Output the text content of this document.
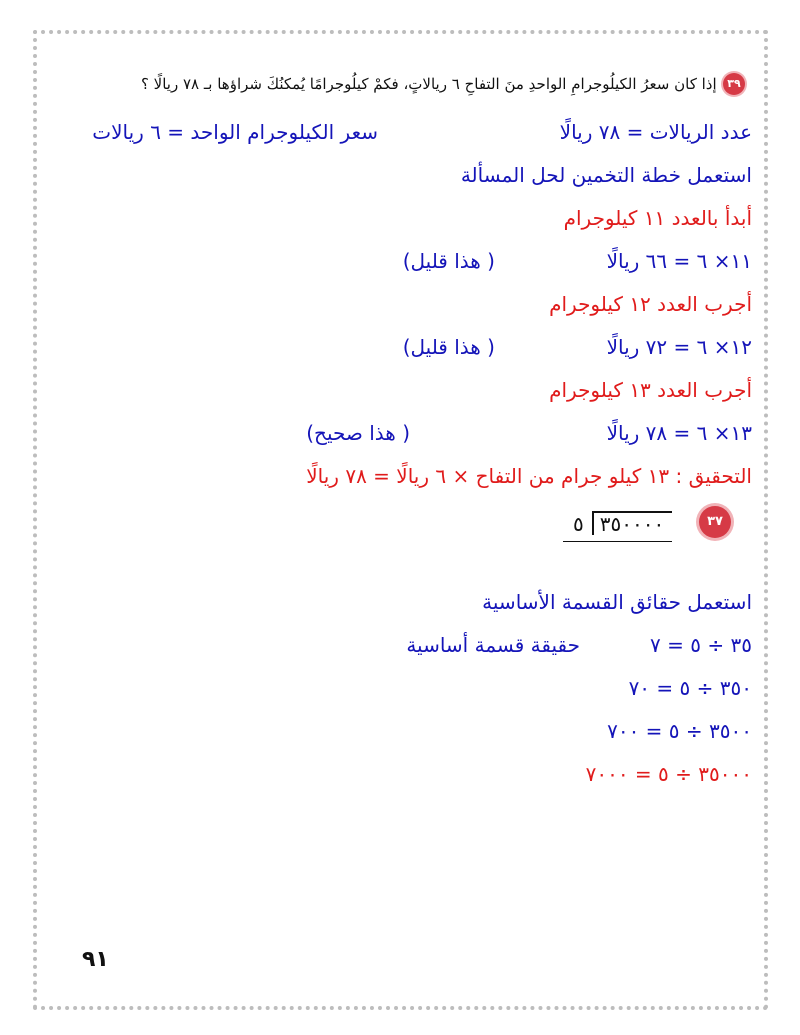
٣٩ إذا كان سعرُ الكيلُوجرامِ الواحدِ منَ التفاحِ ٦ ريالاتٍ، فكمْ كيلُوجرامًا يُمكنُكَ شراؤها بـ ٧٨ ريالًا ؟
عدد الريالات = ٧٨ ريالًا
سعر الكيلوجرام الواحد = ٦ ريالات
استعمل خطة التخمين لحل المسألة
أبدأ بالعدد ١١ كيلوجرام
١١× ٦ = ٦٦ ريالًا
( هذا قليل)
أجرب العدد ١٢ كيلوجرام
١٢× ٦ = ٧٢ ريالًا
( هذا قليل)
أجرب العدد ١٣ كيلوجرام
١٣× ٦ = ٧٨ ريالًا
( هذا صحيح)
التحقيق : ١٣ كيلو جرام من التفاح × ٦ ريالًا = ٧٨ ريالًا
٣٧
٥ ٣٥٠٠٠٠
استعمل حقائق القسمة الأساسية
٣٥ ÷ ٥ = ٧
حقيقة قسمة أساسية
٣٥٠ ÷ ٥ = ٧٠
٣٥٠٠ ÷ ٥ = ٧٠٠
٣٥٠٠٠ ÷ ٥ = ٧٠٠٠
٩١
